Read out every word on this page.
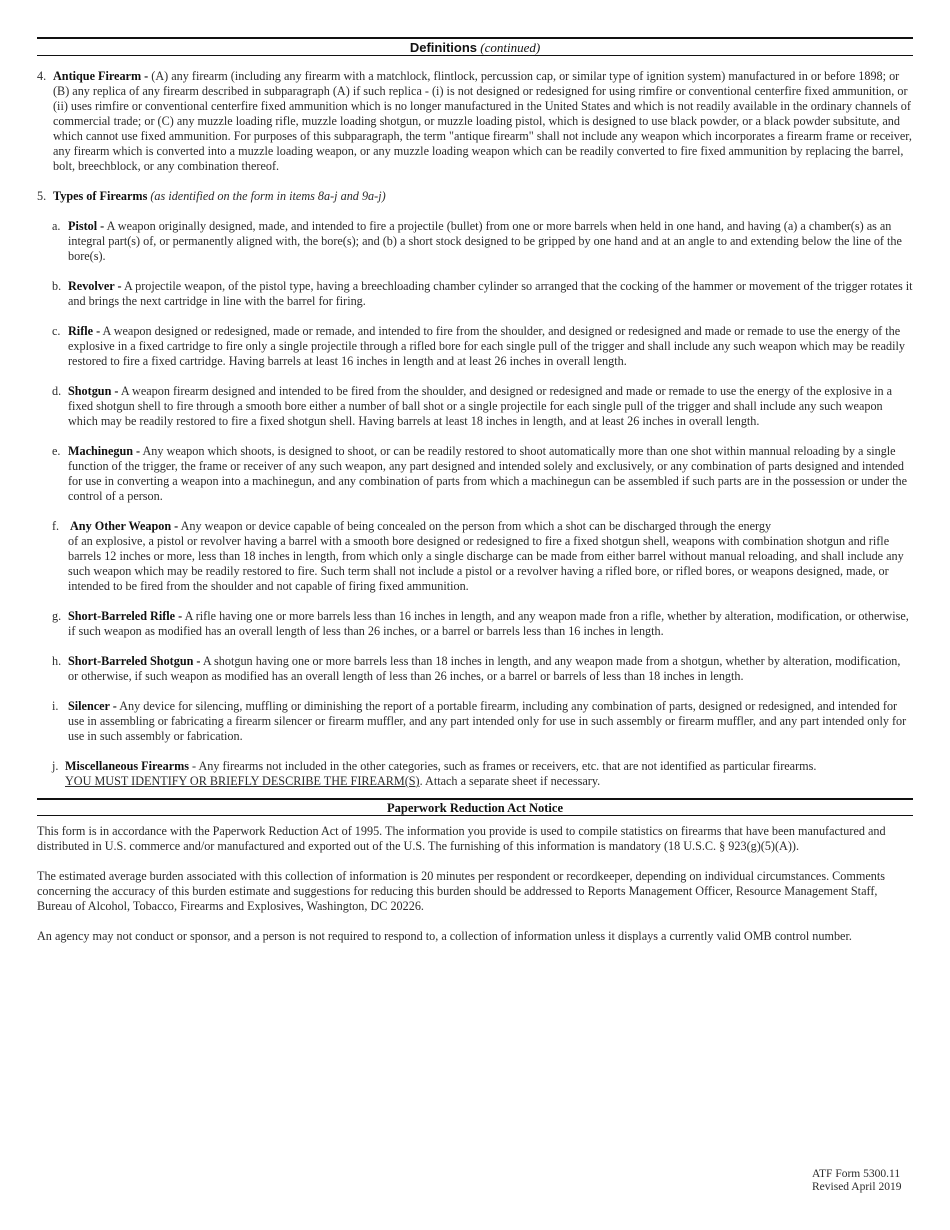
Definitions (continued)
4. Antique Firearm - (A) any firearm (including any firearm with a matchlock, flintlock, percussion cap, or similar type of ignition system) manufactured in or before 1898; or (B) any replica of any firearm described in subparagraph (A) if such replica - (i) is not designed or redesigned for using rimfire or conventional centerfire fixed ammunition, or (ii) uses rimfire or conventional centerfire fixed ammunition which is no longer manufactured in the United States and which is not readily available in the ordinary channels of commercial trade; or (C) any muzzle loading rifle, muzzle loading shotgun, or muzzle loading pistol, which is designed to use black powder, or a black powder subsitute, and which cannot use fixed ammunition. For purposes of this subparagraph, the term "antique firearm" shall not include any weapon which incorporates a firearm frame or receiver, any firearm which is converted into a muzzle loading weapon, or any muzzle loading weapon which can be readily converted to fire fixed ammunition by replacing the barrel, bolt, breechblock, or any combination thereof.

5. Types of Firearms (as identified on the form in items 8a-j and 9a-j)

a. Pistol - A weapon originally designed, made, and intended to fire a projectile (bullet) from one or more barrels when held in one hand, and having (a) a chamber(s) as an integral part(s) of, or permanently aligned with, the bore(s); and (b) a short stock designed to be gripped by one hand and at an angle to and extending below the line of the bore(s).

b. Revolver - A projectile weapon, of the pistol type, having a breechloading chamber cylinder so arranged that the cocking of the hammer or movement of the trigger rotates it and brings the next cartridge in line with the barrel for firing.

c. Rifle - A weapon designed or redesigned, made or remade, and intended to fire from the shoulder, and designed or redesigned and made or remade to use the energy of the explosive in a fixed cartridge to fire only a single projectile through a rifled bore for each single pull of the trigger and shall include any such weapon which may be readily restored to fire a fixed cartridge. Having barrels at least 16 inches in length and at least 26 inches in overall length.

d. Shotgun - A weapon firearm designed and intended to be fired from the shoulder, and designed or redesigned and made or remade to use the energy of the explosive in a fixed shotgun shell to fire through a smooth bore either a number of ball shot or a single projectile for each single pull of the trigger and shall include any such weapon which may be readily restored to fire a fixed shotgun shell. Having barrels at least 18 inches in length, and at least 26 inches in overall length.

e. Machinegun - Any weapon which shoots, is designed to shoot, or can be readily restored to shoot automatically more than one shot within mannual reloading by a single function of the trigger, the frame or receiver of any such weapon, any part designed and intended solely and exclusively, or any combination of parts designed and intended for use in converting a weapon into a machinegun, and any combination of parts from which a machinegun can be assembled if such parts are in the possession or under the control of a person.

f. Any Other Weapon - Any weapon or device capable of being concealed on the person from which a shot can be discharged through the energy

of an explosive, a pistol or revolver having a barrel with a smooth bore designed or redesigned to fire a fixed shotgun shell, weapons with combination shotgun and rifle barrels 12 inches or more, less than 18 inches in length, from which only a single discharge can be made from either barrel without manual reloading, and shall include any such weapon which may be readily restored to fire. Such term shall not include a pistol or a revolver having a rifled bore, or rifled bores, or weapons designed, made, or intended to be fired from the shoulder and not capable of firing fixed ammunition.

g. Short-Barreled Rifle - A rifle having one or more barrels less than 16 inches in length, and any weapon made fron a rifle, whether by alteration, modification, or otherwise, if such weapon as modified has an overall length of less than 26 inches, or a barrel or barrels less than 16 inches in length.

h. Short-Barreled Shotgun - A shotgun having one or more barrels less than 18 inches in length, and any weapon made from a shotgun, whether by alteration, modification, or otherwise, if such weapon as modified has an overall length of less than 26 inches, or a barrel or barrels of less than 18 inches in length.

i. Silencer - Any device for silencing, muffling or diminishing the report of a portable firearm, including any combination of parts, designed or redesigned, and intended for use in assembling or fabricating a firearm silencer or firearm muffler, and any part intended only for use in such assembly or firearm muffler, and any part intended only for use in such assembly or fabrication.

j. Miscellaneous Firearms - Any firearms not included in the other categories, such as frames or receivers, etc. that are not identified as particular firearms.

YOU MUST IDENTIFY OR BRIEFLY DESCRIBE THE FIREARM(S). Attach a separate sheet if necessary.

Paperwork Reduction Act Notice

This form is in accordance with the Paperwork Reduction Act of 1995. The information you provide is used to compile statistics on firearms that have been manufactured and distributed in U.S. commerce and/or manufactured and exported out of the U.S. The furnishing of this information is mandatory (18 U.S.C. § 923(g)(5)(A)).

The estimated average burden associated with this collection of information is 20 minutes per respondent or recordkeeper, depending on individual circumstances. Comments concerning the accuracy of this burden estimate and suggestions for reducing this burden should be addressed to Reports Management Officer, Resource Management Staff, Bureau of Alcohol, Tobacco, Firearms and Explosives, Washington, DC 20226.

An agency may not conduct or sponsor, and a person is not required to respond to, a collection of information unless it displays a currently valid OMB control number.

ATF Form 5300.11
Revised April 2019
